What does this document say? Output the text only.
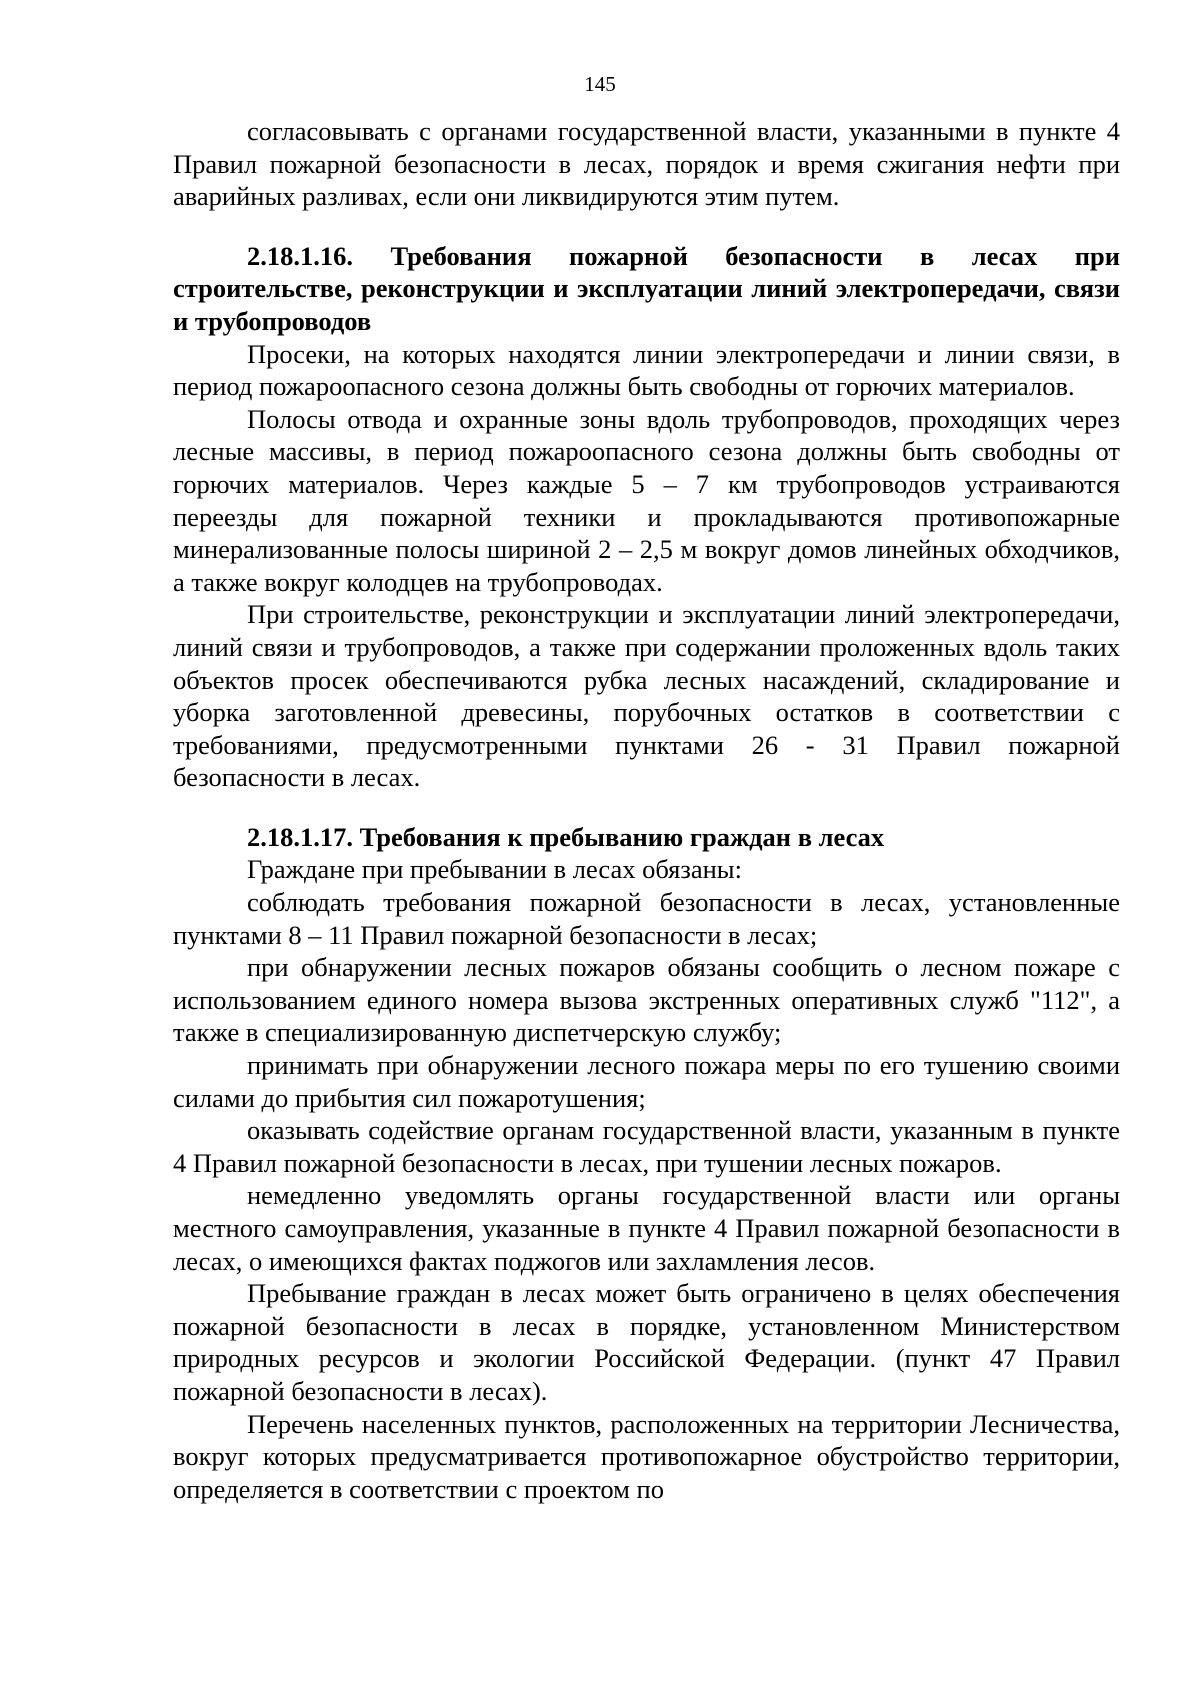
145

согласовывать с органами государственной власти, указанными в пункте 4 Правил пожарной безопасности в лесах, порядок и время сжигания нефти при аварийных разливах, если они ликвидируются этим путем.

2.18.1.16. Требования пожарной безопасности в лесах при строительстве, реконструкции и эксплуатации линий электропередачи, связи и трубопроводов

Просеки, на которых находятся линии электропередачи и линии связи, в период пожароопасного сезона должны быть свободны от горючих материалов.

Полосы отвода и охранные зоны вдоль трубопроводов, проходящих через лесные массивы, в период пожароопасного сезона должны быть свободны от горючих материалов. Через каждые 5 – 7 км трубопроводов устраиваются переезды для пожарной техники и прокладываются противопожарные минерализованные полосы шириной 2 – 2,5 м вокруг домов линейных обходчиков, а также вокруг колодцев на трубопроводах.

При строительстве, реконструкции и эксплуатации линий электропередачи, линий связи и трубопроводов, а также при содержании проложенных вдоль таких объектов просек обеспечиваются рубка лесных насаждений, складирование и уборка заготовленной древесины, порубочных остатков в соответствии с требованиями, предусмотренными пунктами 26 - 31 Правил пожарной безопасности в лесах.

2.18.1.17. Требования к пребыванию граждан в лесах

Граждане при пребывании в лесах обязаны:

соблюдать требования пожарной безопасности в лесах, установленные пунктами 8 – 11 Правил пожарной безопасности в лесах;

при обнаружении лесных пожаров обязаны сообщить о лесном пожаре с использованием единого номера вызова экстренных оперативных служб "112", а также в специализированную диспетчерскую службу;

принимать при обнаружении лесного пожара меры по его тушению своими силами до прибытия сил пожаротушения;

оказывать содействие органам государственной власти, указанным в пункте 4 Правил пожарной безопасности в лесах, при тушении лесных пожаров.

немедленно уведомлять органы государственной власти или органы местного самоуправления, указанные в пункте 4 Правил пожарной безопасности в лесах, о имеющихся фактах поджогов или захламления лесов.

Пребывание граждан в лесах может быть ограничено в целях обеспечения пожарной безопасности в лесах в порядке, установленном Министерством природных ресурсов и экологии Российской Федерации. (пункт 47 Правил пожарной безопасности в лесах).

Перечень населенных пунктов, расположенных на территории Лесничества, вокруг которых предусматривается противопожарное обустройство территории, определяется в соответствии с проектом по
